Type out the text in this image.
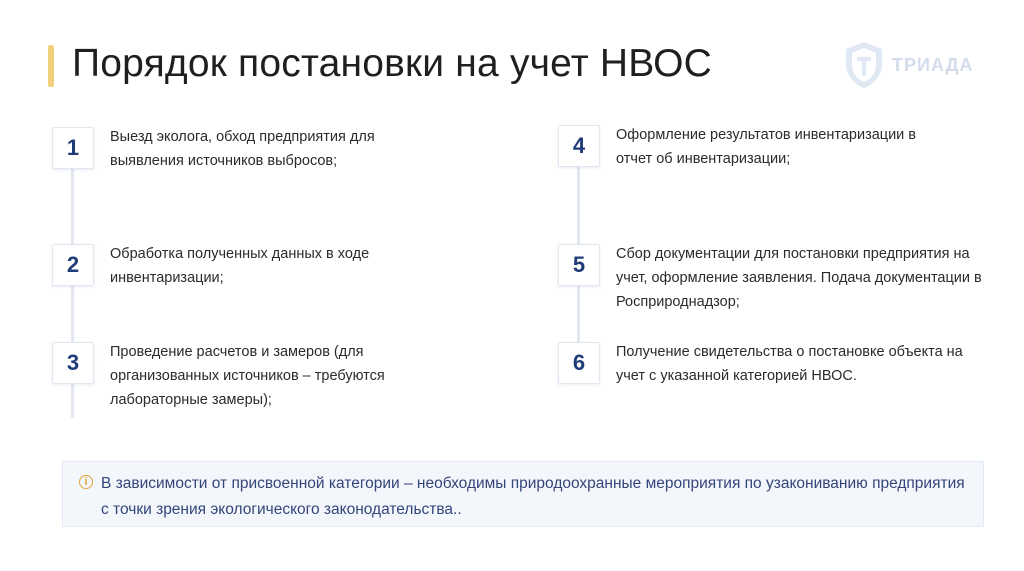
Порядок постановки на учет НВОС	ТРИАДА
1	Выезд эколога, обход предприятия для выявления источников выбросов;
2	Обработка полученных данных в ходе инвентаризации;
3	Проведение расчетов и замеров (для организованных источников – требуются лабораторные замеры);
4	Оформление результатов инвентаризации в отчет об инвентаризации;
5	Сбор документации для постановки предприятия на учет, оформление заявления. Подача документации в Росприроднадзор;
6	Получение свидетельства о постановке объекта на учет с указанной категорией НВОС.
i В зависимости от присвоенной категории – необходимы природоохранные мероприятия по узакониванию предприятия с точки зрения экологического законодательства..
